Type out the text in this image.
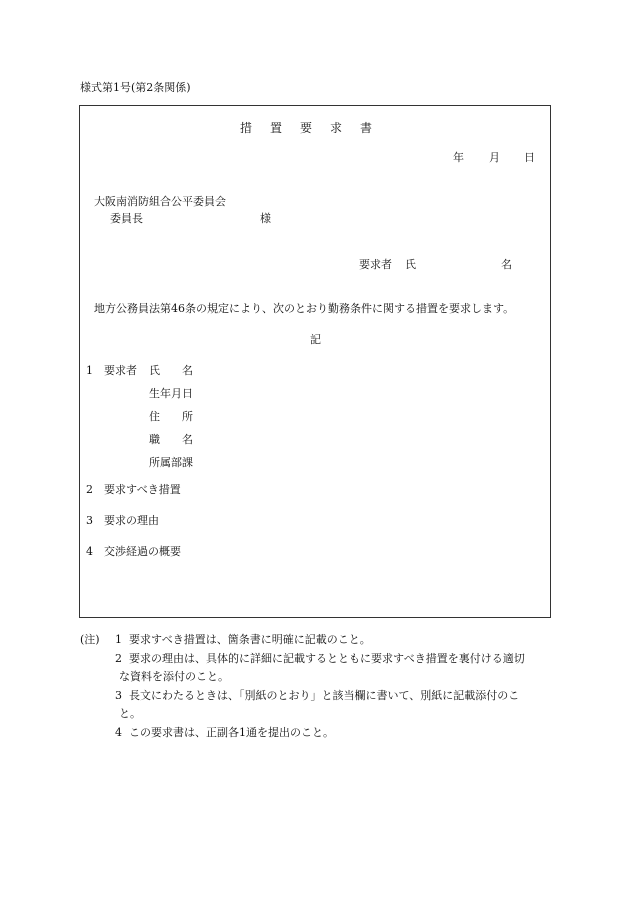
様式第1号(第2条関係)
措置要求書
年 月 日
大阪南消防組合公平委員会
委員長	様
要求者 氏	名
地方公務員法第46条の規定により、次のとおり勤務条件に関する措置を要求します。
記
1 要求者 氏　　名
生年月日
住　　所
職　　名
所属部課
2 要求すべき措置
3 要求の理由
4 交渉経過の概要
(注) 1 要求すべき措置は、箇条書に明確に記載のこと。
2 要求の理由は、具体的に詳細に記載するとともに要求すべき措置を裏付ける適切
な資料を添付のこと。
3 長文にわたるときは、「別紙のとおり」と該当欄に書いて、別紙に記載添付のこ
と。
4 この要求書は、正副各1通を提出のこと。
